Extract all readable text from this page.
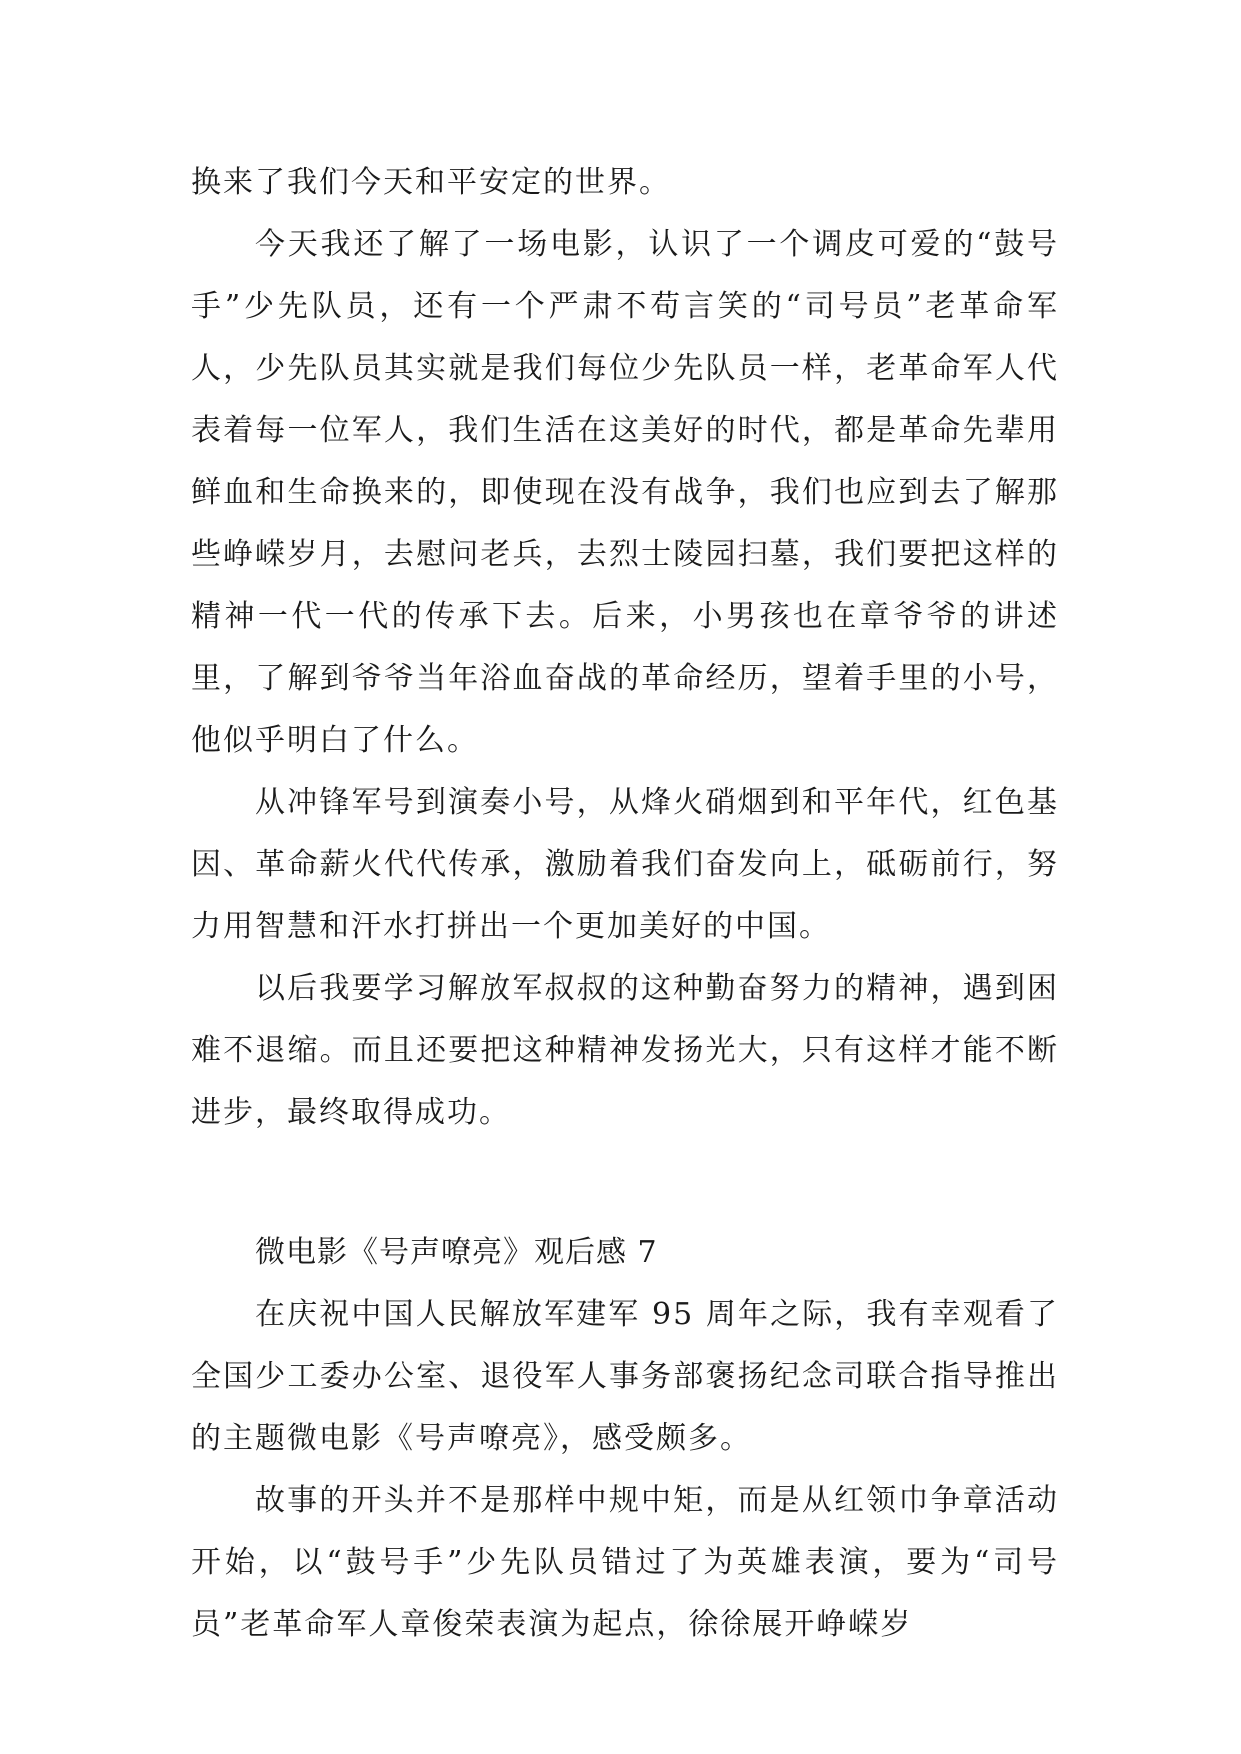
换来了我们今天和平安定的世界。

今天我还了解了一场电影，认识了一个调皮可爱的“鼓号手”少先队员，还有一个严肃不苟言笑的“司号员”老革命军人，少先队员其实就是我们每位少先队员一样，老革命军人代表着每一位军人，我们生活在这美好的时代，都是革命先辈用鲜血和生命换来的，即使现在没有战争，我们也应到去了解那些峥嵘岁月，去慰问老兵，去烈士陵园扫墓，我们要把这样的精神一代一代的传承下去。后来，小男孩也在章爷爷的讲述里，了解到爷爷当年浴血奋战的革命经历，望着手里的小号，他似乎明白了什么。

从冲锋军号到演奏小号，从烽火硝烟到和平年代，红色基因、革命薪火代代传承，激励着我们奋发向上，砥砺前行，努力用智慧和汗水打拼出一个更加美好的中国。

以后我要学习解放军叔叔的这种勤奋努力的精神，遇到困难不退缩。而且还要把这种精神发扬光大，只有这样才能不断进步，最终取得成功。

微电影《号声嘹亮》观后感 7

在庆祝中国人民解放军建军 95 周年之际，我有幸观看了全国少工委办公室、退役军人事务部褒扬纪念司联合指导推出的主题微电影《号声嘹亮》，感受颇多。

故事的开头并不是那样中规中矩，而是从红领巾争章活动开始，以“鼓号手”少先队员错过了为英雄表演，要为“司号员”老革命军人章俊荣表演为起点，徐徐展开峥嵘岁
